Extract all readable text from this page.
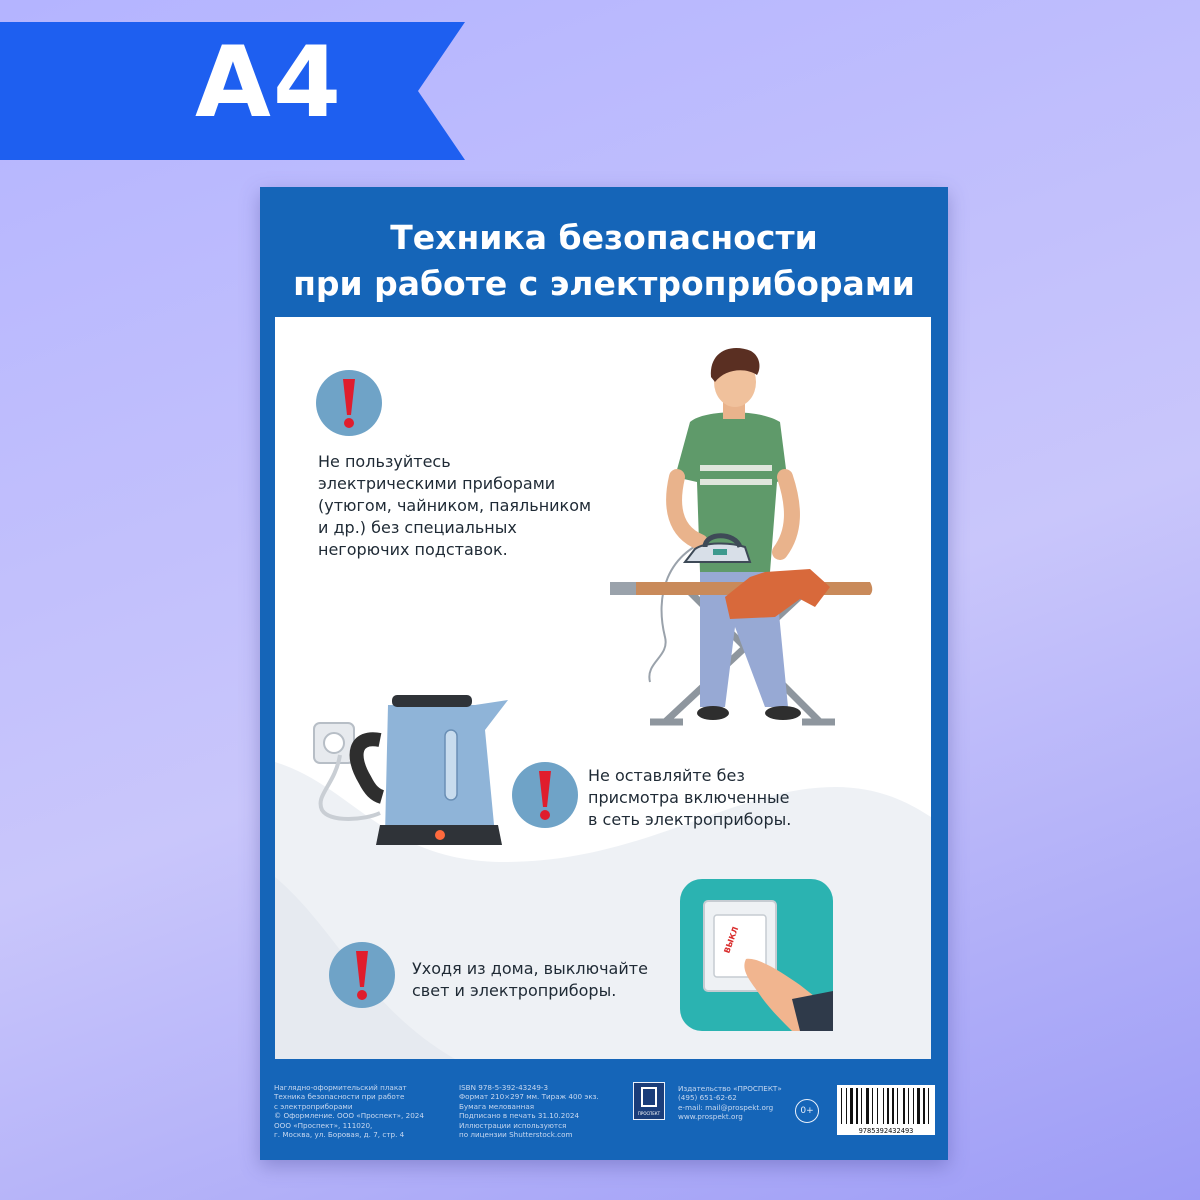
A4
Техника безопасности
при работе с электроприборами
Не пользуйтесь
электрическими приборами
(утюгом, чайником, паяльником
и др.) без специальных
негорючих подставок.
Не оставляйте без
присмотра включенные
в сеть электроприборы.
Уходя из дома, выключайте
свет и электроприборы.
ВЫКЛ
Наглядно-оформительский плакат
Техника безопасности при работе
с электроприборами
© Оформление. ООО «Проспект», 2024
ООО «Проспект», 111020,
г. Москва, ул. Боровая, д. 7, стр. 4
ISBN 978-5-392-43249-3
Формат 210×297 мм. Тираж 400 экз.
Бумага мелованная
Подписано в печать 31.10.2024
Иллюстрации используются
по лицензии Shutterstock.com
ПРОСПЕКТ
Издательство «ПРОСПЕКТ»
(495) 651-62-62
e-mail: mail@prospekt.org
www.prospekt.org
0+
9785392432493
